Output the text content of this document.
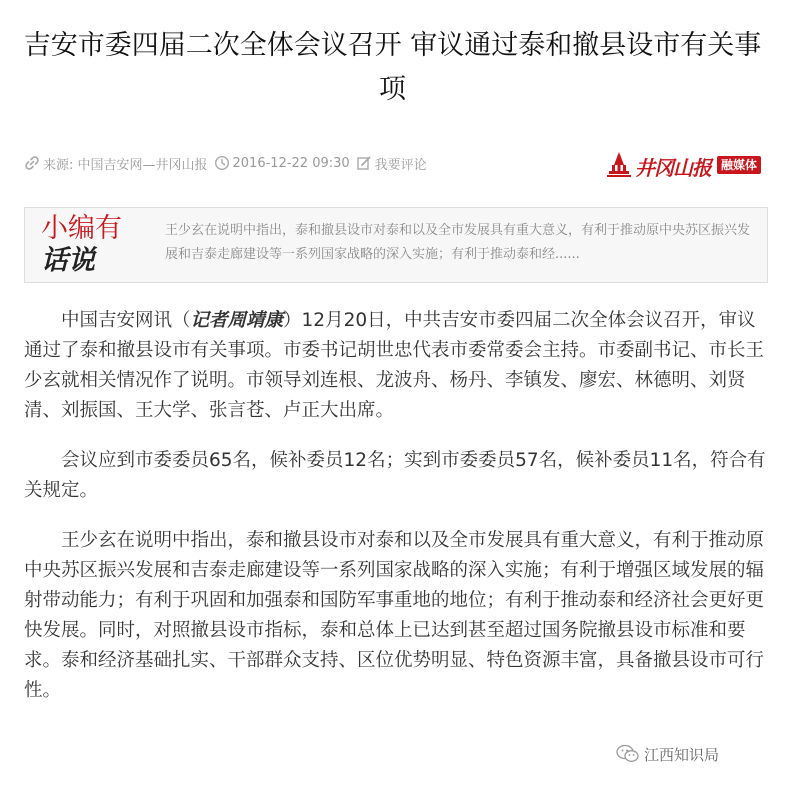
吉安市委四届二次全体会议召开 审议通过泰和撤县设市有关事项
来源: 中国吉安网—井冈山报 2016-12-22 09:30 我要评论	井冈山报 融媒体
小编有
话说

王少玄在说明中指出，泰和撤县设市对泰和以及全市发展具有重大意义，有利于推动原中央苏区振兴发展和吉泰走廊建设等一系列国家战略的深入实施；有利于推动泰和经......

中国吉安网讯（记者周靖康）12月20日，中共吉安市委四届二次全体会议召开，审议通过了泰和撤县设市有关事项。市委书记胡世忠代表市委常委会主持。市委副书记、市长王少玄就相关情况作了说明。市领导刘连根、龙波舟、杨丹、李镇发、廖宏、林德明、刘贤清、刘振国、王大学、张言苍、卢正大出席。

会议应到市委委员65名，候补委员12名；实到市委委员57名，候补委员11名，符合有关规定。

王少玄在说明中指出，泰和撤县设市对泰和以及全市发展具有重大意义，有利于推动原中央苏区振兴发展和吉泰走廊建设等一系列国家战略的深入实施；有利于增强区域发展的辐射带动能力；有利于巩固和加强泰和国防军事重地的地位；有利于推动泰和经济社会更好更快发展。同时，对照撤县设市指标，泰和总体上已达到甚至超过国务院撤县设市标准和要求。泰和经济基础扎实、干部群众支持、区位优势明显、特色资源丰富，具备撤县设市可行性。

江西知识局
